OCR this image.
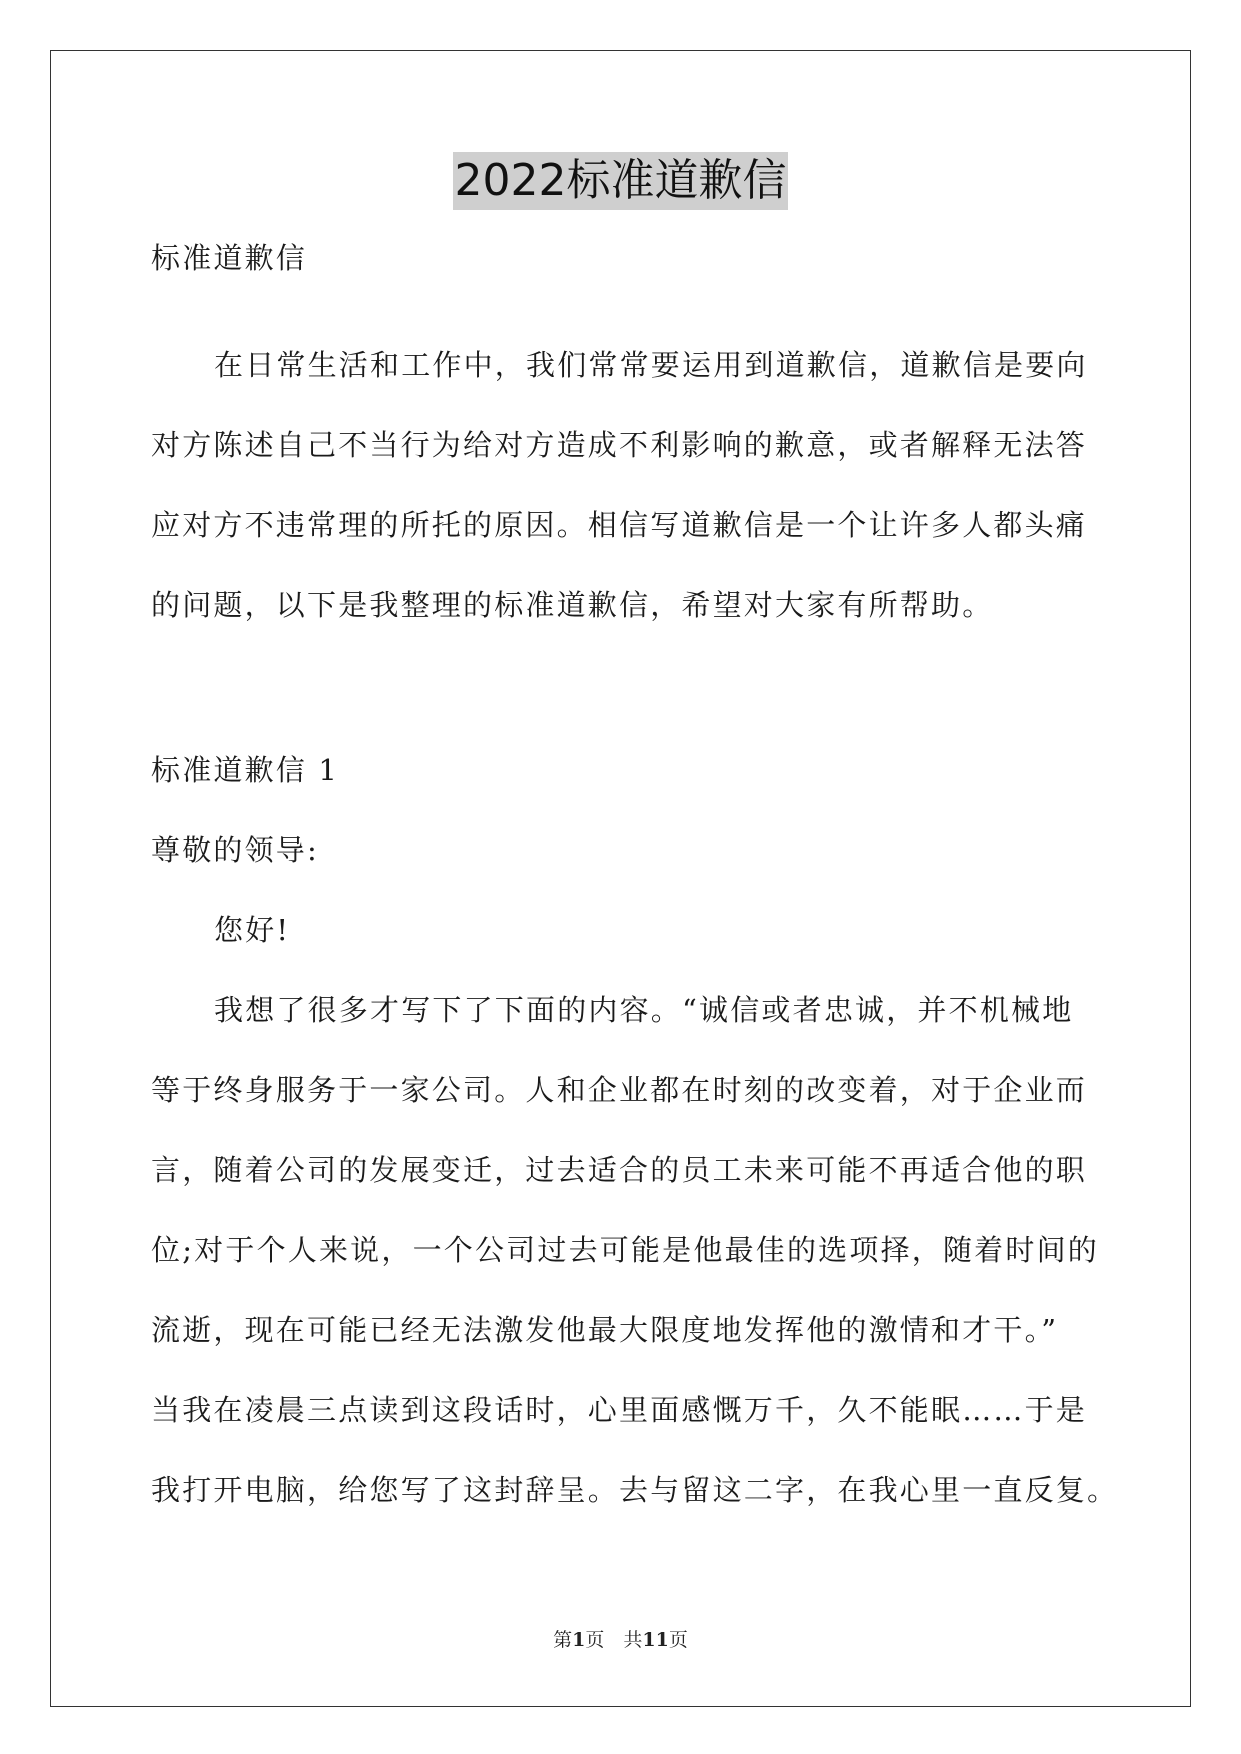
2022标准道歉信
标准道歉信
在日常生活和工作中，我们常常要运用到道歉信，道歉信是要向
对方陈述自己不当行为给对方造成不利影响的歉意，或者解释无法答
应对方不违常理的所托的原因。相信写道歉信是一个让许多人都头痛
的问题，以下是我整理的标准道歉信，希望对大家有所帮助。
标准道歉信 1
尊敬的领导:
您好!
我想了很多才写下了下面的内容。“诚信或者忠诚，并不机械地
等于终身服务于一家公司。人和企业都在时刻的改变着，对于企业而
言，随着公司的发展变迁，过去适合的员工未来可能不再适合他的职
位;对于个人来说，一个公司过去可能是他最佳的选项择，随着时间的
流逝，现在可能已经无法激发他最大限度地发挥他的激情和才干。”
当我在凌晨三点读到这段话时，心里面感慨万千，久不能眠……于是
我打开电脑，给您写了这封辞呈。去与留这二字，在我心里一直反复。
第1页　共11页
